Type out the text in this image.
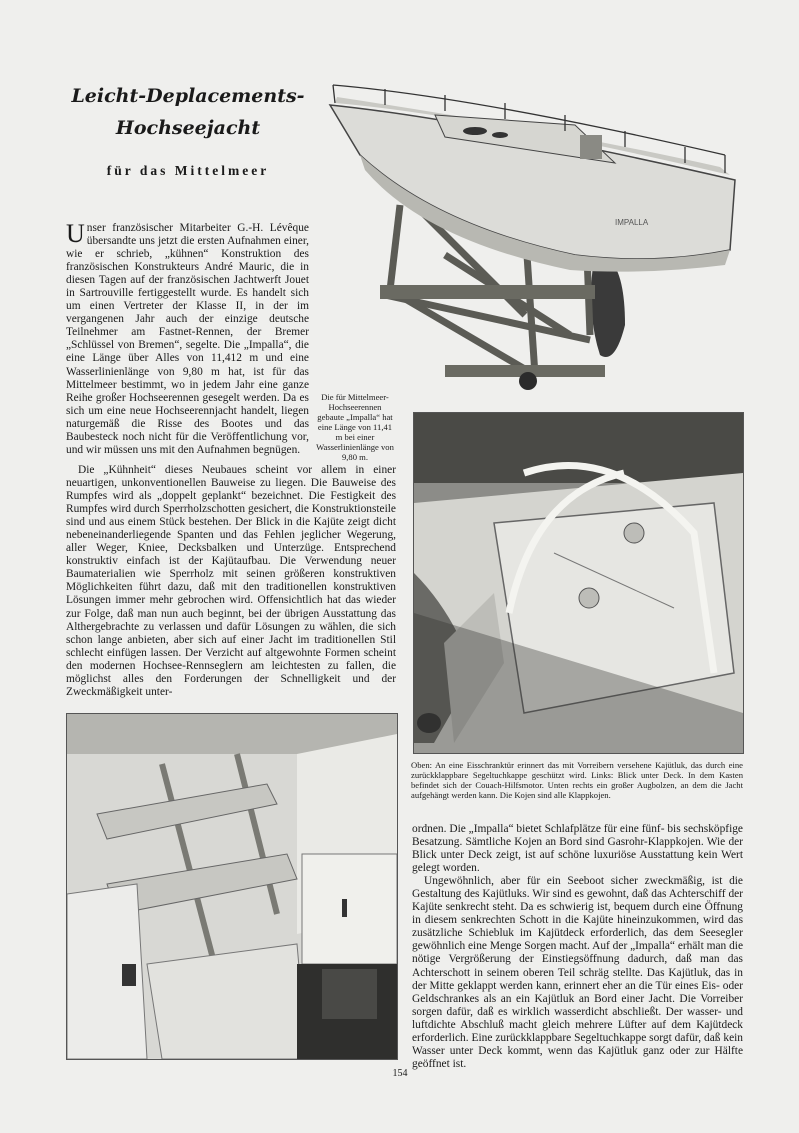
Leicht-Deplacements-
Hochseejacht
für das Mittelmeer

Unser französischer Mitarbeiter G.-H. Lévêque übersandte uns jetzt die ersten Aufnahmen einer, wie er schrieb, „kühnen“ Konstruktion des französischen Konstrukteurs André Mauric, die in diesen Tagen auf der französischen Jachtwerft Jouet in Sartrouville fertiggestellt wurde. Es handelt sich um einen Vertreter der Klasse II, in der im vergangenen Jahr auch der einzige deutsche Teilnehmer am Fastnet-Rennen, der Bremer „Schlüssel von Bremen“, segelte. Die „Impalla“, die eine Länge über Alles von 11,412 m und eine Wasserlinienlänge von 9,80 m hat, ist für das Mittelmeer bestimmt, wo in jedem Jahr eine ganze Reihe großer Hochseerennen gesegelt werden. Da es sich um eine neue Hochseerennjacht handelt, liegen naturgemäß die Risse des Bootes und das Baubesteck noch nicht für die Veröffentlichung vor, und wir müssen uns mit den Aufnahmen begnügen.

Die „Kühnheit“ dieses Neubaues scheint vor allem in einer neuartigen, unkonventionellen Bauweise zu liegen. Die Bauweise des Rumpfes wird als „doppelt geplankt“ bezeichnet. Die Festigkeit des Rumpfes wird durch Sperrholzschotten gesichert, die Konstruktionsteile sind und aus einem Stück bestehen. Der Blick in die Kajüte zeigt dicht nebeneinanderliegende Spanten und das Fehlen jeglicher Wegerung, aller Weger, Kniee, Decksbalken und Unterzüge. Entsprechend konstruktiv einfach ist der Kajütaufbau. Die Verwendung neuer Baumaterialien wie Sperrholz mit seinen größeren konstruktiven Möglichkeiten führt dazu, daß mit den traditionellen konstruktiven Lösungen immer mehr gebrochen wird. Offensichtlich hat das wieder zur Folge, daß man nun auch beginnt, bei der übrigen Ausstattung das Althergebrachte zu verlassen und dafür Lösungen zu wählen, die sich schon lange anbieten, aber sich auf einer Jacht im traditionellen Stil schlecht einfügen lassen. Der Verzicht auf altgewohnte Formen scheint den modernen Hochsee-Rennseglern am leichtesten zu fallen, die möglichst alles den Forderungen der Schnelligkeit und der Zweckmäßigkeit unter-

IMPALLA
Die für Mittelmeer-Hochseerennen gebaute „Impalla“ hat eine Länge von 11,41 m bei einer Wasserlinienlänge von 9,80 m.
Oben: An eine Eisschranktür erinnert das mit Vorreibern versehene Kajütluk, das durch eine zurückklappbare Segeltuchkappe geschützt wird. Links: Blick unter Deck. In dem Kasten befindet sich der Couach-Hilfsmotor. Unten rechts ein großer Augbolzen, an dem die Jacht aufgehängt werden kann. Die Kojen sind alle Klappkojen.

ordnen. Die „Impalla“ bietet Schlafplätze für eine fünf- bis sechsköpfige Besatzung. Sämtliche Kojen an Bord sind Gasrohr-Klappkojen. Wie der Blick unter Deck zeigt, ist auf schöne luxuriöse Ausstattung kein Wert gelegt worden.

Ungewöhnlich, aber für ein Seeboot sicher zweckmäßig, ist die Gestaltung des Kajütluks. Wir sind es gewohnt, daß das Achterschiff der Kajüte senkrecht steht. Da es schwierig ist, bequem durch eine Öffnung in diesem senkrechten Schott in die Kajüte hineinzukommen, wird das zusätzliche Schiebluk im Kajütdeck erforderlich, das dem Seesegler gewöhnlich eine Menge Sorgen macht. Auf der „Impalla“ erhält man die nötige Vergrößerung der Einstiegsöffnung dadurch, daß man das Achterschott in seinem oberen Teil schräg stellte. Das Kajütluk, das in der Mitte geklappt werden kann, erinnert eher an die Tür eines Eis- oder Geldschrankes als an ein Kajütluk an Bord einer Jacht. Die Vorreiber sorgen dafür, daß es wirklich wasserdicht abschließt. Der wasser- und luftdichte Abschluß macht gleich mehrere Lüfter auf dem Kajütdeck erforderlich. Eine zurückklappbare Segeltuchkappe sorgt dafür, daß kein Wasser unter Deck kommt, wenn das Kajütluk ganz oder zur Hälfte geöffnet ist.

154
